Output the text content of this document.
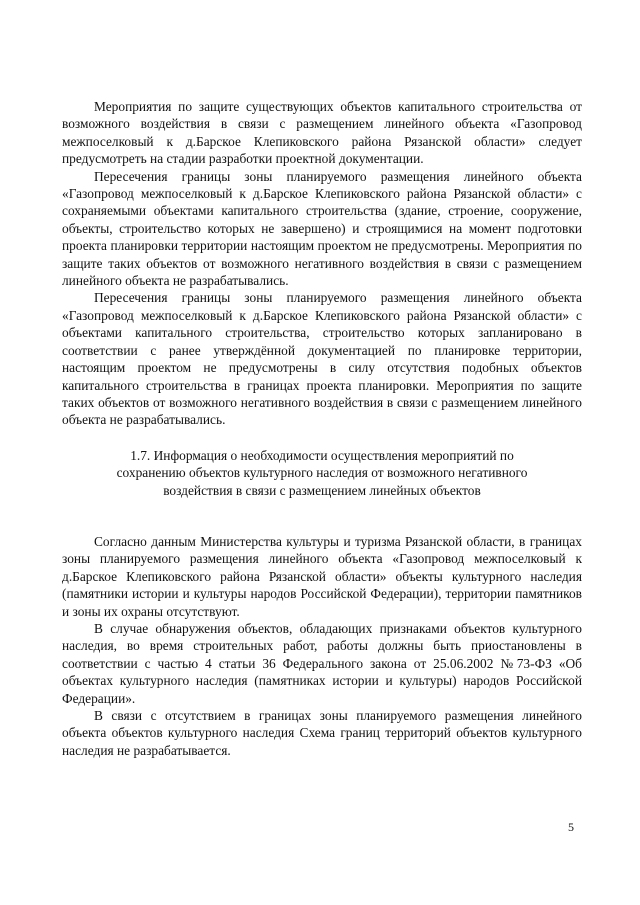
Мероприятия по защите существующих объектов капитального строительства от возможного воздействия в связи с размещением линейного объекта «Газопровод межпоселковый к д.Барское Клепиковского района Рязанской области» следует предусмотреть на стадии разработки проектной документации.

Пересечения границы зоны планируемого размещения линейного объекта «Газопровод межпоселковый к д.Барское Клепиковского района Рязанской области» с сохраняемыми объектами капитального строительства (здание, строение, сооружение, объекты, строительство которых не завершено) и строящимися на момент подготовки проекта планировки территории настоящим проектом не предусмотрены. Мероприятия по защите таких объектов от возможного негативного воздействия в связи с размещением линейного объекта не разрабатывались.

Пересечения границы зоны планируемого размещения линейного объекта «Газопровод межпоселковый к д.Барское Клепиковского района Рязанской области» с объектами капитального строительства, строительство которых запланировано в соответствии с ранее утверждённой документацией по планировке территории, настоящим проектом не предусмотрены в силу отсутствия подобных объектов капитального строительства в границах проекта планировки. Мероприятия по защите таких объектов от возможного негативного воздействия в связи с размещением линейного объекта не разрабатывались.

1.7. Информация о необходимости осуществления мероприятий по сохранению объектов культурного наследия от возможного негативного воздействия в связи с размещением линейных объектов

Согласно данным Министерства культуры и туризма Рязанской области, в границах зоны планируемого размещения линейного объекта «Газопровод межпоселковый к д.Барское Клепиковского района Рязанской области» объекты культурного наследия (памятники истории и культуры народов Российской Федерации), территории памятников и зоны их охраны отсутствуют.

В случае обнаружения объектов, обладающих признаками объектов культурного наследия, во время строительных работ, работы должны быть приостановлены в соответствии с частью 4 статьи 36 Федерального закона от 25.06.2002 №73-ФЗ «Об объектах культурного наследия (памятниках истории и культуры) народов Российской Федерации».

В связи с отсутствием в границах зоны планируемого размещения линейного объекта объектов культурного наследия Схема границ территорий объектов культурного наследия не разрабатывается.

5
